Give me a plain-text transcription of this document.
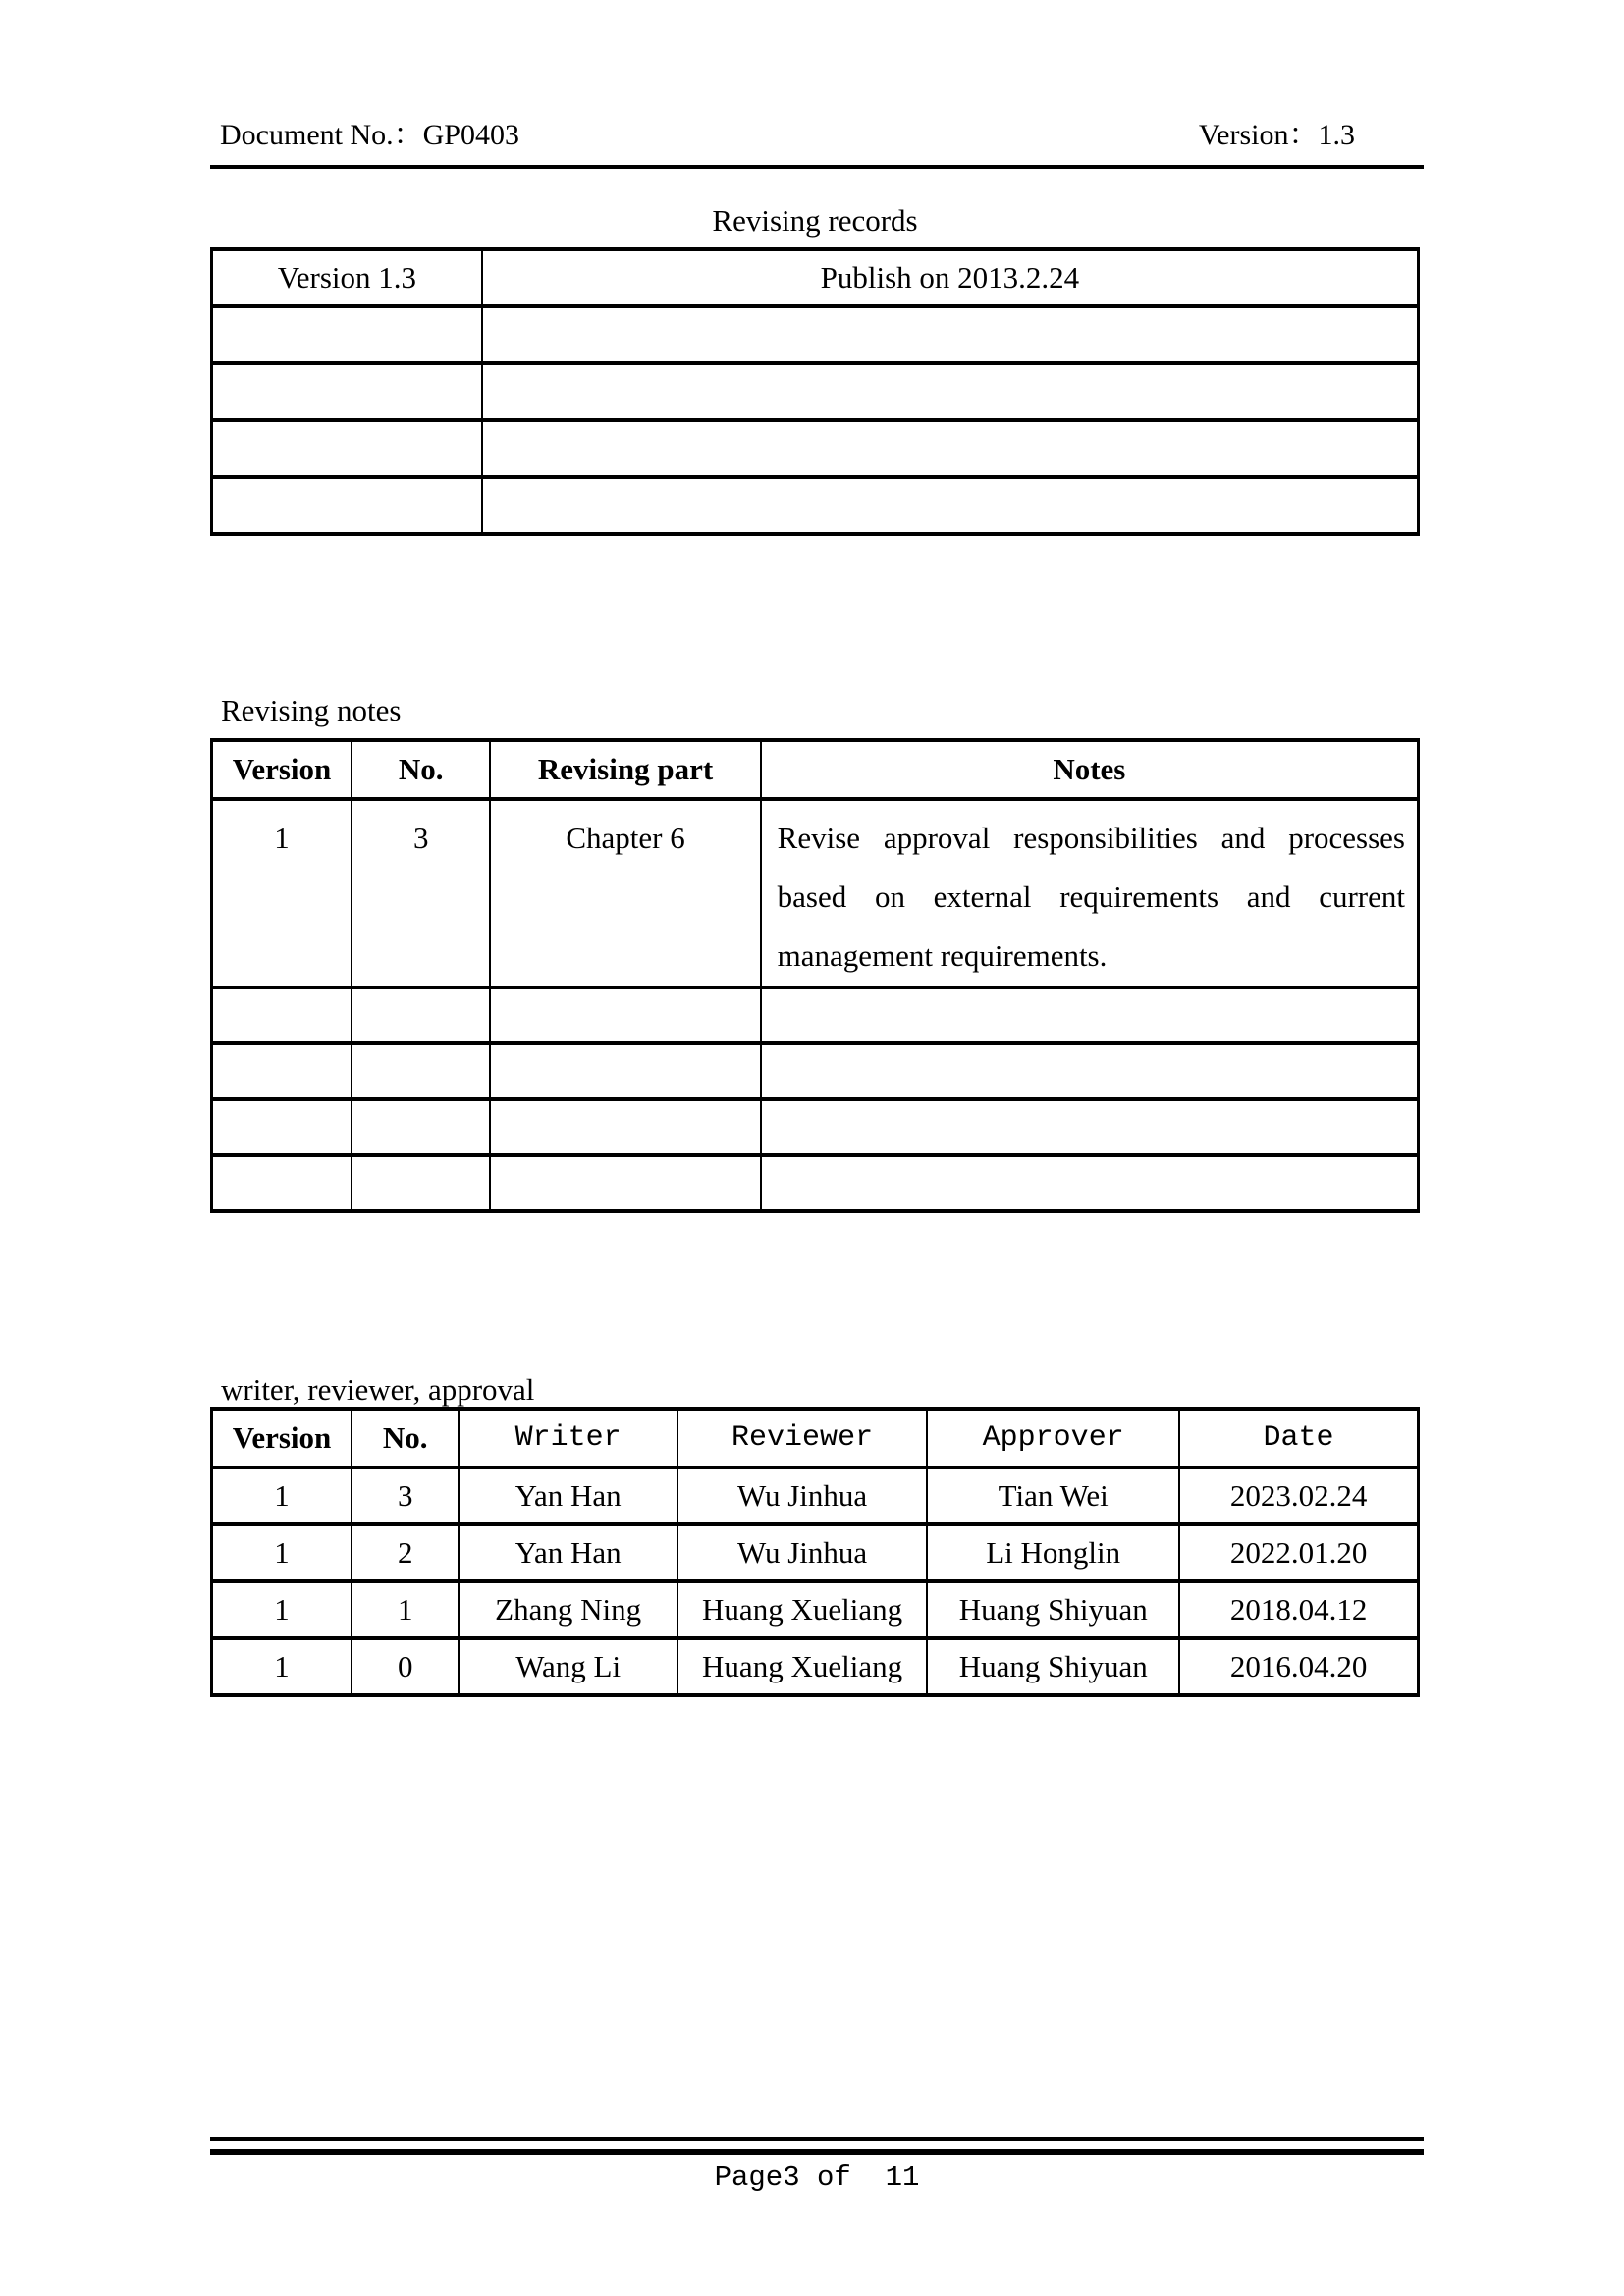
Document No.：GP0403	Version：1.3
Revising records
Version 1.3	Publish on 2013.2.24

Revising notes
Version	No.	Revising part	Notes
1	3	Chapter 6	Revise approval responsibilities and processes based on external requirements and current management requirements.

writer, reviewer, approval
Version	No.	Writer	Reviewer	Approver	Date
1	3	Yan Han	Wu Jinhua	Tian Wei	2023.02.24
1	2	Yan Han	Wu Jinhua	Li Honglin	2022.01.20
1	1	Zhang Ning	Huang Xueliang	Huang Shiyuan	2018.04.12
1	0	Wang Li	Huang Xueliang	Huang Shiyuan	2016.04.20
Page3 of  11
